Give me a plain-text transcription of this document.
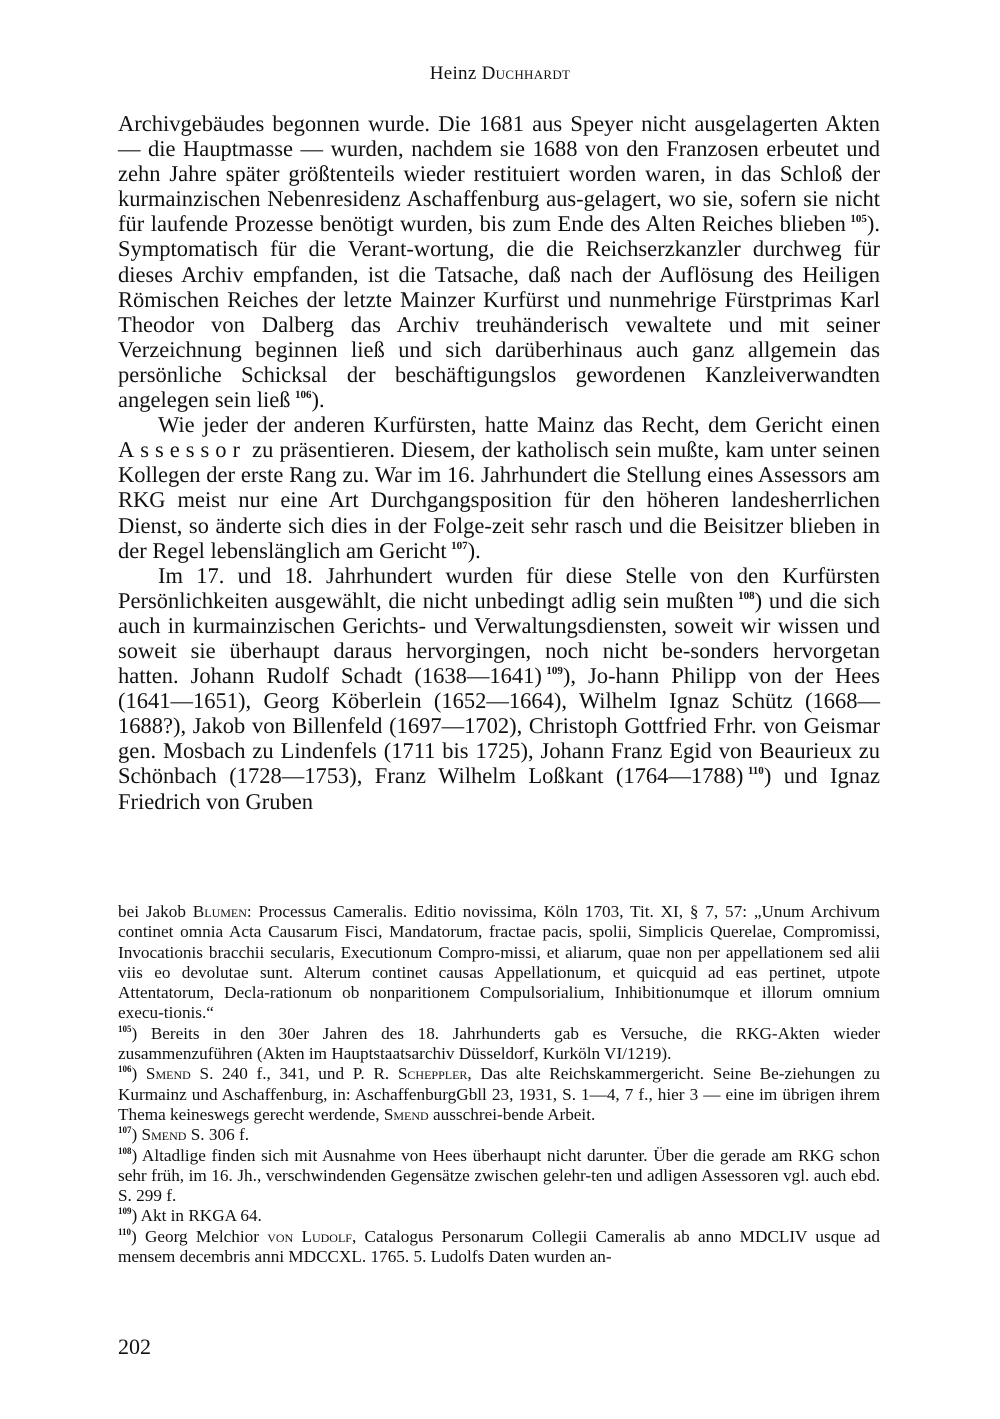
Heinz Duchhardt

Archivgebäudes begonnen wurde. Die 1681 aus Speyer nicht ausgelagerten Akten — die Hauptmasse — wurden, nachdem sie 1688 von den Franzosen erbeutet und zehn Jahre später größtenteils wieder restituiert worden waren, in das Schloß der kurmainzischen Nebenresidenz Aschaffenburg aus-gelagert, wo sie, sofern sie nicht für laufende Prozesse benötigt wurden, bis zum Ende des Alten Reiches blieben  $^{105}$). Symptomatisch für die Verant-wortung, die die Reichserzkanzler durchweg für dieses Archiv empfanden, ist die Tatsache, daß nach der Auflösung des Heiligen Römischen Reiches der letzte Mainzer Kurfürst und nunmehrige Fürstprimas Karl Theodor von Dalberg das Archiv treuhänderisch vewaltete und mit seiner Verzeichnung beginnen ließ und sich darüberhinaus auch ganz allgemein das persönliche Schicksal der beschäftigungslos gewordenen Kanzleiverwandten angelegen sein ließ  $^{106}$).

Wie jeder der anderen Kurfürsten, hatte Mainz das Recht, dem Gericht einen Assessor zu präsentieren. Diesem, der katholisch sein mußte, kam unter seinen Kollegen der erste Rang zu. War im 16. Jahrhundert die Stellung eines Assessors am RKG meist nur eine Art Durchgangsposition für den höheren landesherrlichen Dienst, so änderte sich dies in der Folge-zeit sehr rasch und die Beisitzer blieben in der Regel lebenslänglich am Gericht  $^{107}$).

Im 17. und 18. Jahrhundert wurden für diese Stelle von den Kurfürsten Persönlichkeiten ausgewählt, die nicht unbedingt adlig sein mußten  $^{108}$) und die sich auch in kurmainzischen Gerichts- und Verwaltungsdiensten, soweit wir wissen und soweit sie überhaupt daraus hervorgingen, noch nicht be-sonders hervorgetan hatten. Johann Rudolf Schadt (1638—1641)  $^{109}$), Jo-hann Philipp von der Hees (1641—1651), Georg Köberlein (1652—1664), Wilhelm Ignaz Schütz (1668—1688?), Jakob von Billenfeld (1697—1702), Christoph Gottfried Frhr. von Geismar gen. Mosbach zu Lindenfels (1711 bis 1725), Johann Franz Egid von Beaurieux zu Schönbach (1728—1753), Franz Wilhelm Loßkant (1764—1788)  $^{110}$) und Ignaz Friedrich von Gruben

bei Jakob Blumen: Processus Cameralis. Editio novissima, Köln 1703, Tit. XI, § 7, 57: „Unum Archivum continet omnia Acta Causarum Fisci, Mandatorum, fractae pacis, spolii, Simplicis Querelae, Compromissi, Invocationis bracchii secularis, Executionum Compro-missi, et aliarum, quae non per appellationem sed alii viis eo devolutae sunt. Alterum continet causas Appellationum, et quicquid ad eas pertinet, utpote Attentatorum, Decla-rationum ob nonparitionem Compulsorialium, Inhibitionumque et illorum omnium execu-tionis.“

$^{105}$) Bereits in den 30er Jahren des 18. Jahrhunderts gab es Versuche, die RKG-Akten wieder zusammenzuführen (Akten im Hauptstaatsarchiv Düsseldorf, Kurköln VI/1219).

$^{106}$) Smend S. 240 f., 341, und P. R. Scheppler, Das alte Reichskammergericht. Seine Be-ziehungen zu Kurmainz und Aschaffenburg, in: AschaffenburgGbll 23, 1931, S. 1—4, 7 f., hier 3 — eine im übrigen ihrem Thema keineswegs gerecht werdende, Smend ausschrei-bende Arbeit.

$^{107}$) Smend S. 306 f.

$^{108}$) Altadlige finden sich mit Ausnahme von Hees überhaupt nicht darunter. Über die gerade am RKG schon sehr früh, im 16. Jh., verschwindenden Gegensätze zwischen gelehr-ten und adligen Assessoren vgl. auch ebd. S. 299 f.

$^{109}$) Akt in RKGA 64.

$^{110}$) Georg Melchior von Ludolf, Catalogus Personarum Collegii Cameralis ab anno MDCLIV usque ad mensem decembris anni MDCCXL. 1765. 5. Ludolfs Daten wurden an-

202
